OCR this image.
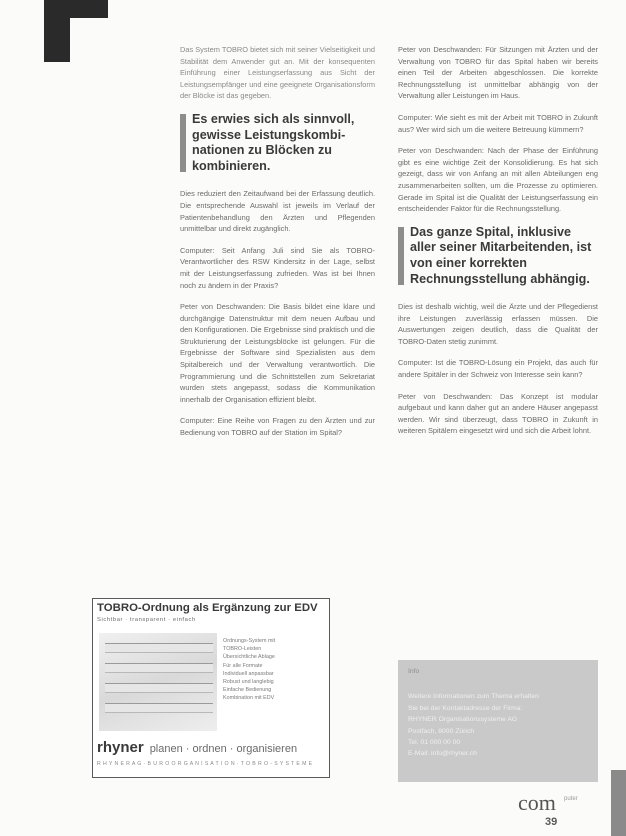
Das System TOBRO bietet sich mit seiner Vielseitigkeit und Stabilität dem Anwender gut an. Mit der konsequenten Einführung einer Leistungserfassung aus Sicht der Leistungsempfänger und eine geeignete Organisationsform der Blöcke ist das gegeben.

Es erwies sich als sinnvoll, gewisse Leistungskombi-nationen zu Blöcken zu kombinieren.

Dies reduziert den Zeitaufwand bei der Erfassung deutlich. Die entsprechende Auswahl ist jeweils im Verlauf der Patientenbehandlung den Ärzten und Pflegenden unmittelbar und direkt zugänglich.

Computer: Seit Anfang Juli sind Sie als TOBRO-Verantwortlicher des RSW Kindersitz in der Lage, selbst mit der Leistungserfassung zufrieden. Was ist bei Ihnen noch zu ändern in der Praxis?

Peter von Deschwanden: Die Basis bildet eine klare und durchgängige Datenstruktur mit dem neuen Aufbau und den Konfigurationen. Die Ergebnisse sind praktisch und die Strukturierung der Leistungsblöcke ist gelungen. Für die Ergebnisse der Software sind Spezialisten aus dem Spitalbereich und der Verwaltung verantwortlich. Die Programmierung und die Schnittstellen zum Sekretariat wurden stets angepasst, sodass die Kommunikation innerhalb der Organisation effizient bleibt.

Computer: Eine Reihe von Fragen zu den Ärzten und zur Bedienung von TOBRO auf der Station im Spital?

Peter von Deschwanden: Für Sitzungen mit Ärzten und der Verwaltung von TOBRO für das Spital haben wir bereits einen Teil der Arbeiten abgeschlossen. Die korrekte Rechnungsstellung ist unmittelbar abhängig von der Verwaltung aller Leistungen im Haus.

Computer: Wie sieht es mit der Arbeit mit TOBRO in Zukunft aus? Wer wird sich um die weitere Betreuung kümmern?

Peter von Deschwanden: Nach der Phase der Einführung gibt es eine wichtige Zeit der Konsolidierung. Es hat sich gezeigt, dass wir von Anfang an mit allen Abteilungen eng zusammenarbeiten sollten, um die Prozesse zu optimieren. Gerade im Spital ist die Qualität der Leistungserfassung ein entscheidender Faktor für die Rechnungsstellung.

Das ganze Spital, inklusive aller seiner Mitarbeitenden, ist von einer korrekten Rechnungsstellung abhängig.

Dies ist deshalb wichtig, weil die Ärzte und der Pflegedienst ihre Leistungen zuverlässig erfassen müssen. Die Auswertungen zeigen deutlich, dass die Qualität der TOBRO-Daten stetig zunimmt.

Computer: Ist die TOBRO-Lösung ein Projekt, das auch für andere Spitäler in der Schweiz von Interesse sein kann?

Peter von Deschwanden: Das Konzept ist modular aufgebaut und kann daher gut an andere Häuser angepasst werden. Wir sind überzeugt, dass TOBRO in Zukunft in weiteren Spitälern eingesetzt wird und sich die Arbeit lohnt.

TOBRO-Ordnung als Ergänzung zur EDV
Sichtbar · transparent · einfach
Ordnungs-System mit
TOBRO-Leisten
Übersichtliche Ablage
Für alle Formate
Individuell anpassbar
Robust und langlebig
Einfache Bedienung
Kombination mit EDV
rhyner planen · ordnen · organisieren
R H Y N E R A G · B Ü R O O R G A N I S A T I O N · T O B R O - S Y S T E M E
Info
Weitere Informationen zum Thema erhalten
Sie bei der Kontaktadresse der Firma:
RHYNER Organisationssysteme AG
Postfach, 8000 Zürich
Tel. 01 000 00 00
E-Mail: info@rhyner.ch
com puter
39
